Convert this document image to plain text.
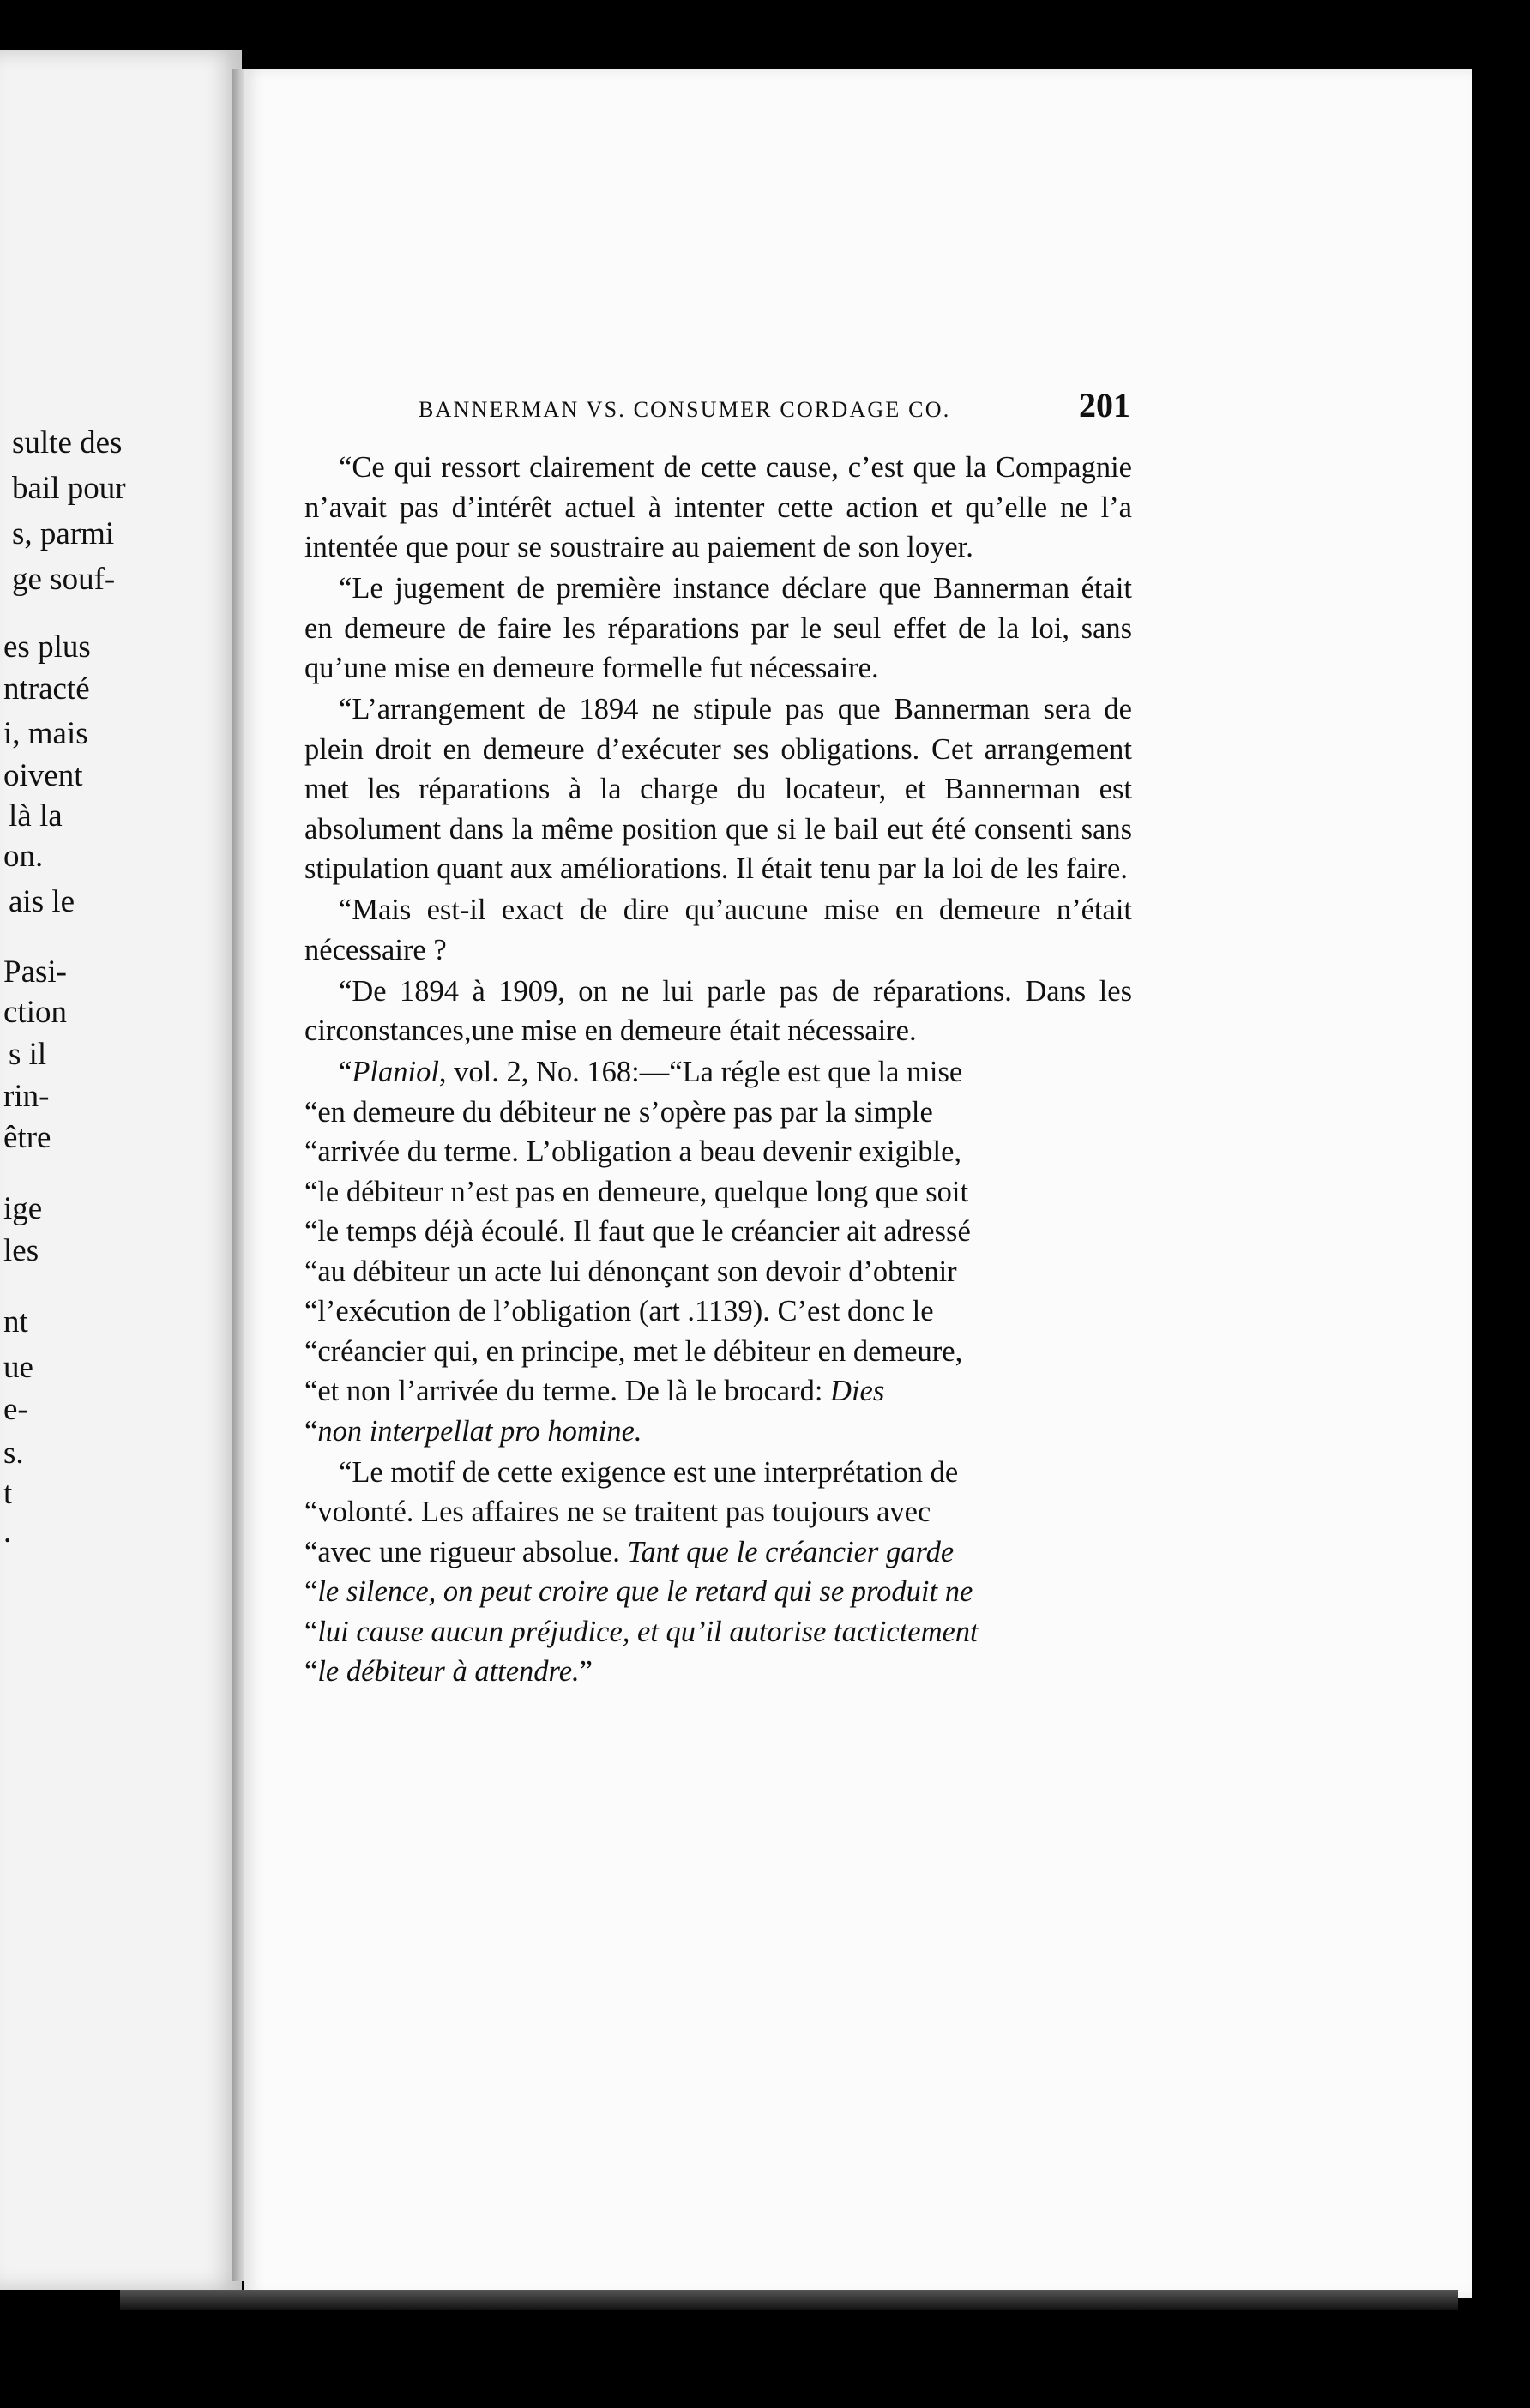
sulte des
bail pour
s, parmi
ge souf-
es plus
ntracté
i, mais
oivent
là la
on.
ais le
Pasi-
ction
s il
rin-
être
ige
les
nt
ue
e-
s.
t
.
BANNERMAN VS. CONSUMER CORDAGE CO.	201

“Ce qui ressort clairement de cette cause, c’est que la Compagnie n’avait pas d’intérêt actuel à intenter cette action et qu’elle ne l’a intentée que pour se soustraire au paiement de son loyer.

“Le jugement de première instance déclare que Bannerman était en demeure de faire les réparations par le seul effet de la loi, sans qu’une mise en demeure formelle fut nécessaire.

“L’arrangement de 1894 ne stipule pas que Bannerman sera de plein droit en demeure d’exécuter ses obligations. Cet arrangement met les réparations à la charge du locateur, et Bannerman est absolument dans la même position que si le bail eut été consenti sans stipulation quant aux améliorations. Il était tenu par la loi de les faire.

“Mais est-il exact de dire qu’aucune mise en demeure n’était nécessaire ?

“De 1894 à 1909, on ne lui parle pas de réparations. Dans les circonstances,une mise en demeure était nécessaire.

“Planiol, vol. 2, No. 168:—“La régle est que la mise
“en demeure du débiteur ne s’opère pas par la simple
“arrivée du terme. L’obligation a beau devenir exigible,
“le débiteur n’est pas en demeure, quelque long que soit
“le temps déjà écoulé. Il faut que le créancier ait adressé
“au débiteur un acte lui dénonçant son devoir d’obtenir
“l’exécution de l’obligation (art .1139). C’est donc le
“créancier qui, en principe, met le débiteur en demeure,
“et non l’arrivée du terme. De là le brocard: Dies
“non interpellat pro homine.

“Le motif de cette exigence est une interprétation de
“volonté. Les affaires ne se traitent pas toujours avec
“avec une rigueur absolue. Tant que le créancier garde
“le silence, on peut croire que le retard qui se produit ne
“lui cause aucun préjudice, et qu’il autorise tactictement
“le débiteur à attendre.”
